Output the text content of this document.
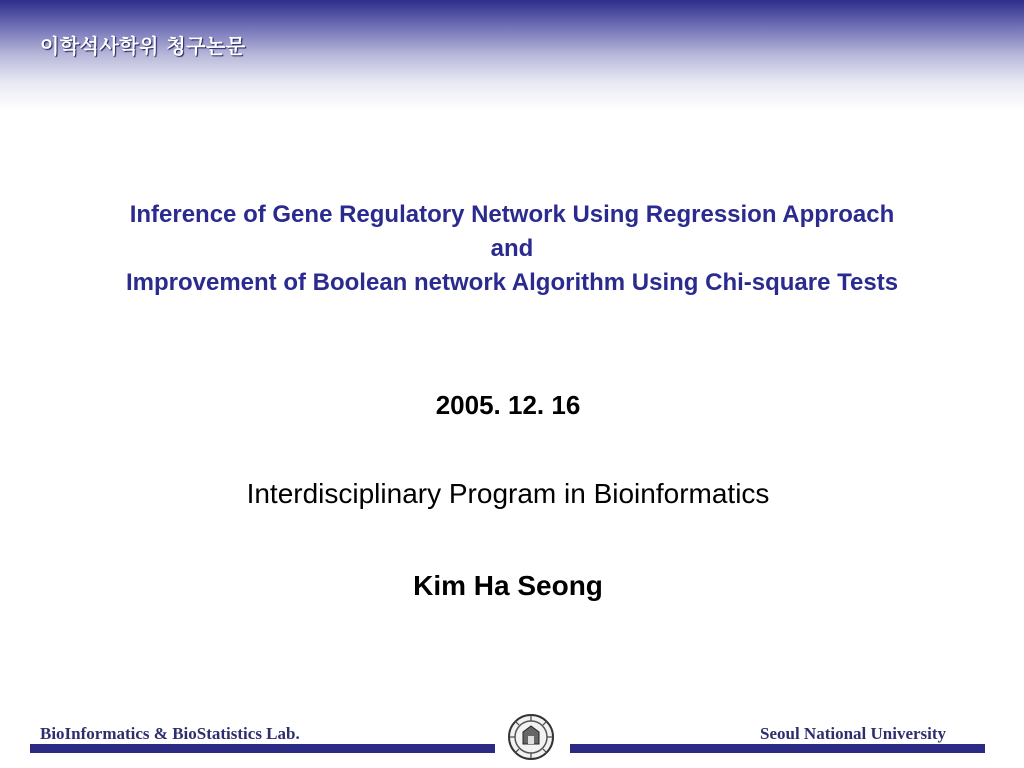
이학석사학위 청구논문
Inference of Gene Regulatory Network Using Regression Approach
and
Improvement of Boolean network Algorithm Using Chi-square Tests
2005. 12. 16
Interdisciplinary Program in Bioinformatics
Kim Ha Seong
BioInformatics & BioStatistics Lab.	Seoul National University
